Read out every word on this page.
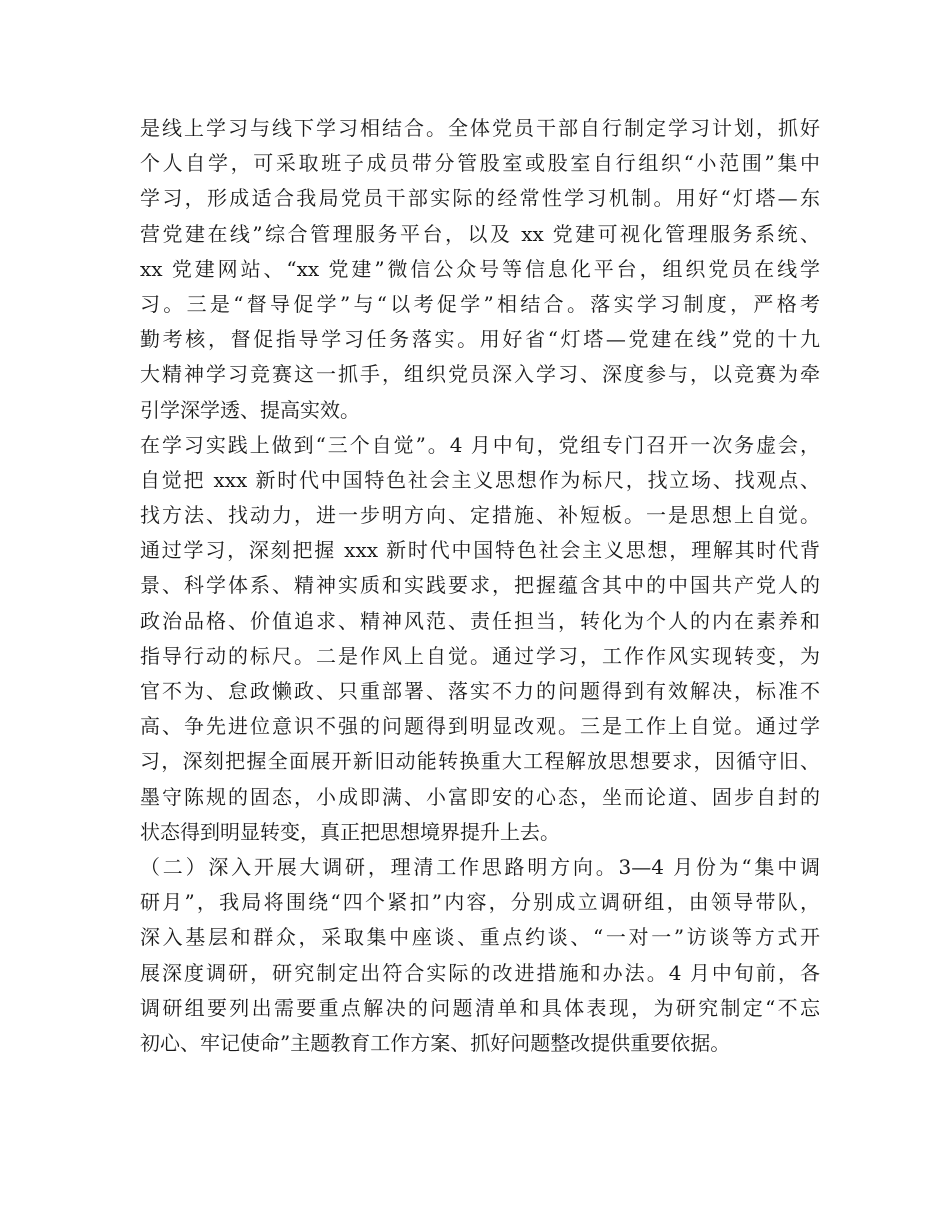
是线上学习与线下学习相结合。全体党员干部自行制定学习计划，抓好
个人自学，可采取班子成员带分管股室或股室自行组织“小范围”集中
学习，形成适合我局党员干部实际的经常性学习机制。用好“灯塔—东
营党建在线”综合管理服务平台，以及 xx 党建可视化管理服务系统、
xx 党建网站、“xx 党建”微信公众号等信息化平台，组织党员在线学
习。三是“督导促学”与“以考促学”相结合。落实学习制度，严格考
勤考核，督促指导学习任务落实。用好省“灯塔—党建在线”党的十九
大精神学习竞赛这一抓手，组织党员深入学习、深度参与，以竞赛为牵
引学深学透、提高实效。
在学习实践上做到“三个自觉”。4 月中旬，党组专门召开一次务虚会，
自觉把 xxx 新时代中国特色社会主义思想作为标尺，找立场、找观点、
找方法、找动力，进一步明方向、定措施、补短板。一是思想上自觉。
通过学习，深刻把握 xxx 新时代中国特色社会主义思想，理解其时代背
景、科学体系、精神实质和实践要求，把握蕴含其中的中国共产党人的
政治品格、价值追求、精神风范、责任担当，转化为个人的内在素养和
指导行动的标尺。二是作风上自觉。通过学习，工作作风实现转变，为
官不为、怠政懒政、只重部署、落实不力的问题得到有效解决，标准不
高、争先进位意识不强的问题得到明显改观。三是工作上自觉。通过学
习，深刻把握全面展开新旧动能转换重大工程解放思想要求，因循守旧、
墨守陈规的固态，小成即满、小富即安的心态，坐而论道、固步自封的
状态得到明显转变，真正把思想境界提升上去。
（二）深入开展大调研，理清工作思路明方向。3—4 月份为“集中调
研月”，我局将围绕“四个紧扣”内容，分别成立调研组，由领导带队，
深入基层和群众，采取集中座谈、重点约谈、“一对一”访谈等方式开
展深度调研，研究制定出符合实际的改进措施和办法。4 月中旬前，各
调研组要列出需要重点解决的问题清单和具体表现，为研究制定“不忘
初心、牢记使命”主题教育工作方案、抓好问题整改提供重要依据。
